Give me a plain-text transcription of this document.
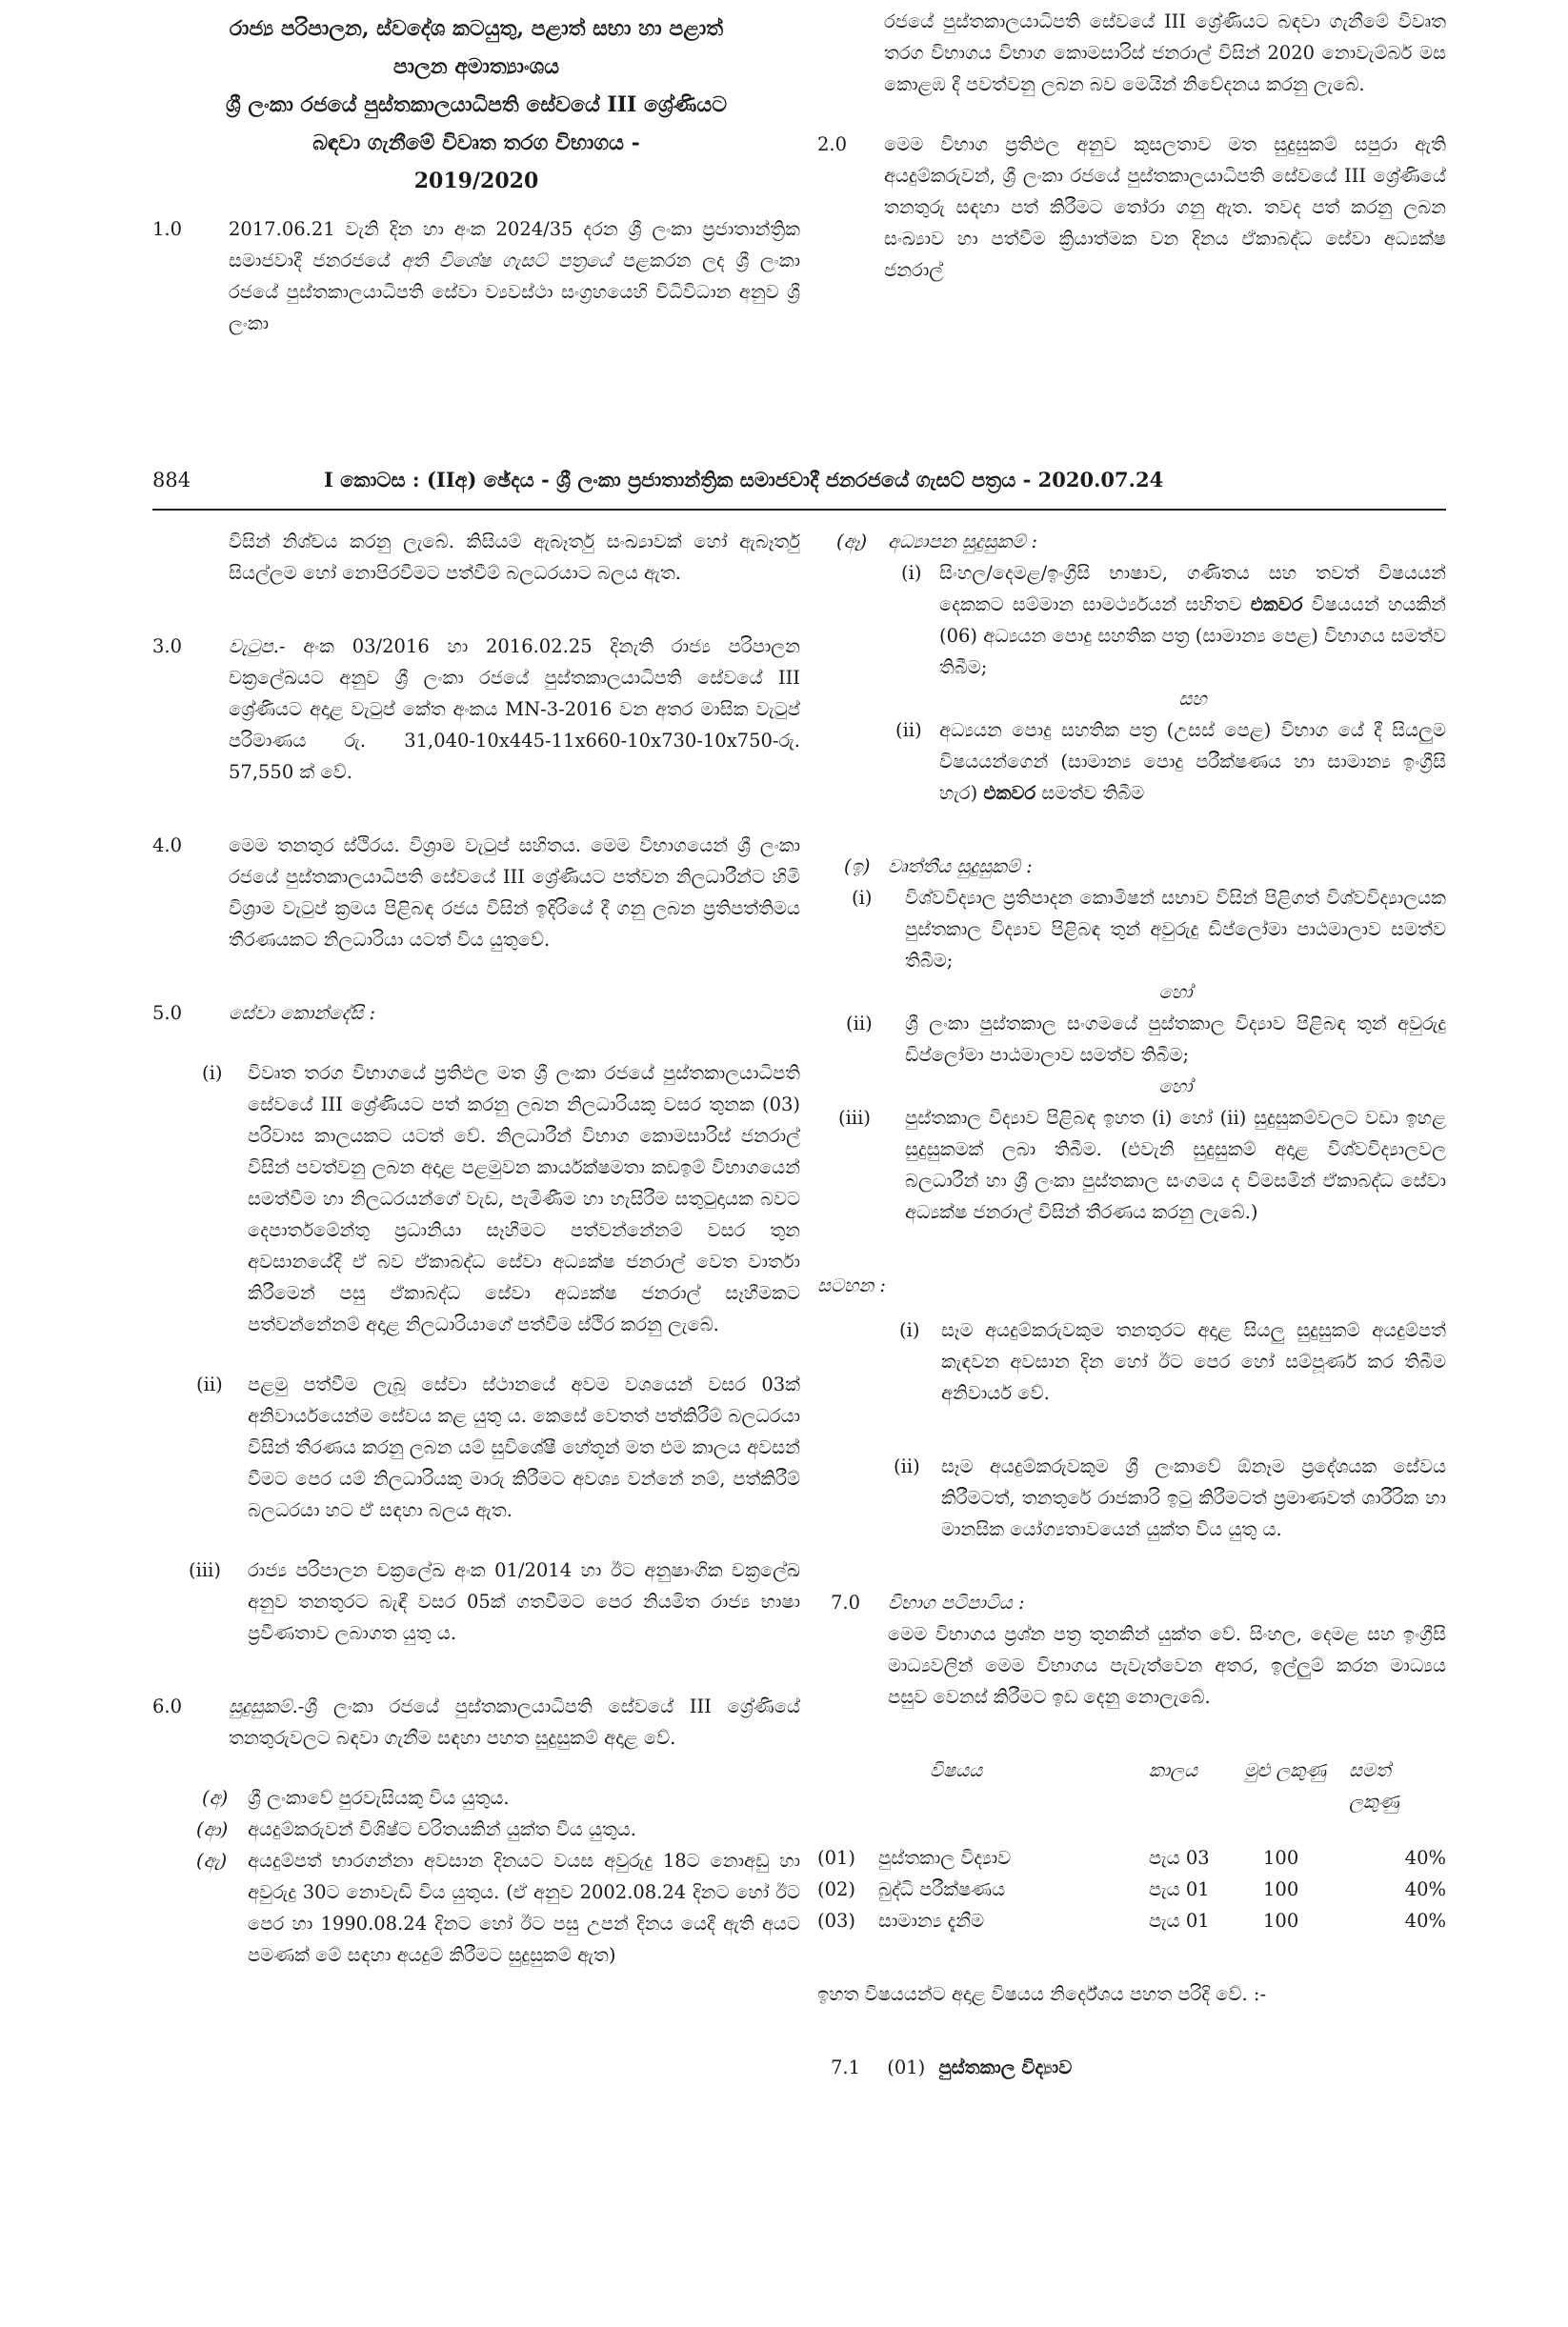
රාජ්‍ය පරිපාලන, ස්වදේශ කටයුතු, පළාත් සභා හා පළාත්

පාලන අමාත්‍යාංශය

ශ්‍රී ලංකා රජයේ පුස්තකාලයාධිපති සේවයේ III ශ්‍රේණියට

බඳවා ගැනීමේ විවෘත තරග විභාගය -

2019/2020

1.0	2017.06.21 වැනි දින හා අංක 2024/35 දරන ශ්‍රී ලංකා ප්‍රජාතාන්ත්‍රික සමාජවාදී ජනරජයේ අති විශේෂ ගැසට් පත්‍රයේ පළකරන ලද ශ්‍රී ලංකා රජයේ පුස්තකාලයාධිපති සේවා ව්‍යවස්ථා සංග්‍රහයෙහි විධිවිධාන අනුව ශ්‍රී ලංකා

රජයේ පුස්තකාලයාධිපති සේවයේ III ශ්‍රේණියට බඳවා ගැනීමේ විවෘත තරග විභාගය විභාග කොමසාරිස් ජනරාල් විසින් 2020 නොවැම්බර් මස කොළඹ දී පවත්වනු ලබන බව මෙයින් නිවේදනය කරනු ලැබේ.

2.0 මෙම විභාග ප්‍රතිඵල අනුව කුසලතාව මත සුදුසුකම් සපුරා ඇති අයදුම්කරුවන්, ශ්‍රී ලංකා රජයේ පුස්තකාලයාධිපති සේවයේ III ශ්‍රේණියේ තනතුරු සඳහා පත් කිරීමට තෝරා ගනු ඇත. තවද පත් කරනු ලබන සංඛ්‍යාව හා පත්වීම ක්‍රියාත්මක වන දිනය ඒකාබද්ධ සේවා අධ්‍යක්ෂ ජනරාල්

884	I කොටස : (IIඅ) ඡේදය - ශ්‍රී ලංකා ප්‍රජාතාන්ත්‍රික සමාජවාදී ජනරජයේ ගැසට් පත්‍රය - 2020.07.24

විසින් නිශ්චය කරනු ලැබේ. කිසියම් ඇබෑර්තු සංඛ්‍යාවක් හෝ ඇබෑර්තු සියල්ලම හෝ නොපිරවීමට පත්වීම් බලධරයාට බලය ඇත.

3.0	වැටුප.- අංක 03/2016 හා 2016.02.25 දිනැති රාජ්‍ය පරිපාලන චක්‍රලේඛයට අනුව ශ්‍රී ලංකා රජයේ පුස්තකාලයාධිපති සේවයේ III ශ්‍රේණියට අදාළ වැටුප් කේත අංකය MN-3-2016 වන අතර මාසික වැටුප් පරිමාණය රු. 31,040-10x445-11x660-10x730-10x750-රු. 57,550 ක් වේ.

4.0	මෙම තනතුර ස්ථිරය. විශ්‍රාම වැටුප් සහිතය. මෙම විභාගයෙන් ශ්‍රී ලංකා රජයේ පුස්තකාලයාධිපති සේවයේ III ශ්‍රේණියට පත්වන නිලධාරීන්ට හිමි විශ්‍රාම වැටුප් ක්‍රමය පිළිබඳ රජය විසින් ඉදිරියේ දී ගනු ලබන ප්‍රතිපත්තිමය තීරණයකට නිලධාරියා යටත් විය යුතුවේ.

5.0	සේවා කොන්දේසි :

(i) විවෘත තරග විභාගයේ ප්‍රතිඵල මත ශ්‍රී ලංකා රජයේ පුස්තකාලයාධිපති සේවයේ III ශ්‍රේණියට පත් කරනු ලබන නිලධාරියකු වසර තුනක (03) පරිවාස කාලයකට යටත් වේ. නිලධාරීන් විභාග කොමසාරිස් ජනරාල් විසින් පවත්වනු ලබන අදාළ පළමුවන කාර්යක්ෂමතා කඩඉම් විභාගයෙන් සමත්වීම හා නිලධරයන්ගේ වැඩ, පැමිණීම හා හැසිරීම සතුටුදායක බවට දෙපාර්තමේන්තු ප්‍රධානියා සෑහීමට පත්වන්නේනම් වසර තුන අවසානයේදී ඒ බව ඒකාබද්ධ සේවා අධ්‍යක්ෂ ජනරාල් වෙත වාර්තා කිරීමෙන් පසු ඒකාබද්ධ සේවා අධ්‍යක්ෂ ජනරාල් සෑහීමකට පත්වන්නේනම් අදාළ නිලධාරියාගේ පත්වීම ස්ථිර කරනු ලැබේ.

(ii) පළමු පත්වීම ලැබූ සේවා ස්ථානයේ අවම වශයෙන් වසර 03ක් අනිවාර්යයෙන්ම සේවය කළ යුතු ය. කෙසේ වෙතත් පත්කිරීම් බලධරයා විසින් තීරණය කරනු ලබන යම් සුවිශේෂී හේතූන් මත එම කාලය අවසන් වීමට පෙර යම් නිලධාරියකු මාරු කිරීමට අවශ්‍ය වන්නේ නම්, පත්කිරීම් බලධරයා හට ඒ සඳහා බලය ඇත.

(iii) රාජ්‍ය පරිපාලන චක්‍රලේඛ අංක 01/2014 හා ඊට අනුෂාංගික චක්‍රලේඛ අනුව තනතුරට බැඳී වසර 05ක් ගතවීමට පෙර නියමිත රාජ්‍ය භාෂා ප්‍රවීණතාව ලබාගත යුතු ය.

6.0	සුදුසුකම්.-ශ්‍රී ලංකා රජයේ පුස්තකාලයාධිපති සේවයේ III ශ්‍රේණියේ තනතුරුවලට බඳවා ගැනීම සඳහා පහත සුදුසුකම් අදාළ වේ.

(අ) ශ්‍රී ලංකාවේ පුරවැසියකු විය යුතුය.

(ආ) අයදුම්කරුවන් විශිෂ්ට චරිතයකින් යුක්ත විය යුතුය.

(ඇ) අයදුම්පත් භාරගන්නා අවසාන දිනයට වයස අවුරුදු 18ට නොඅඩු හා අවුරුදු 30ට නොවැඩි විය යුතුය. (ඒ අනුව 2002.08.24 දිනට හෝ ඊට පෙර හා 1990.08.24 දිනට හෝ ඊට පසු උපන් දිනය යෙදී ඇති අයට පමණක් මේ සඳහා අයදුම් කිරීමට සුදුසුකම් ඇත)

(ඈ) අධ්‍යාපන සුදුසුකම් :

(i) සිංහල/දෙමළ/ඉංග්‍රීසි භාෂාව, ගණිතය සහ තවත් විෂයයන් දෙකකට සම්මාන සාමර්ථ්‍යයන් සහිතව එකවර විෂයයන් හයකින් (06) අධ්‍යයන පොදු සහතික පත්‍ර (සාමාන්‍ය පෙළ) විභාගය සමත්ව තිබීම;

සහ

(ii) අධ්‍යයන පොදු සහතික පත්‍ර (උසස් පෙළ) විභාග යේ දී සියලුම විෂයයන්ගෙන් (සාමාන්‍ය පොදු පරීක්ෂණය හා සාමාන්‍ය ඉංග්‍රීසි හැර) එකවර සමත්ව තිබීම

(ඉ) වෘත්තීය සුදුසුකම් :

(i) විශ්වවිද්‍යාල ප්‍රතිපාදන කොමිෂන් සභාව විසින් පිළිගත් විශ්වවිද්‍යාලයක පුස්තකාල විද්‍යාව පිළිබඳ තුන් අවුරුදු ඩිප්ලෝමා පාඨමාලාව සමත්ව තිබීම;

හෝ

(ii) ශ්‍රී ලංකා පුස්තකාල සංගමයේ පුස්තකාල විද්‍යාව පිළිබඳ තුන් අවුරුදු ඩිප්ලෝමා පාඨමාලාව සමත්ව තිබීම;

හෝ

(iii) පුස්තකාල විද්‍යාව පිළිබඳ ඉහත (i) හෝ (ii) සුදුසුකම්වලට වඩා ඉහළ සුදුසුකමක් ලබා තිබීම. (එවැනි සුදුසුකම් අදාළ විශ්වවිද්‍යාලවල බලධාරීන් හා ශ්‍රී ලංකා පුස්තකාල සංගමය ද විමසමින් ඒකාබද්ධ සේවා අධ්‍යක්ෂ ජනරාල් විසින් තීරණය කරනු ලැබේ.)

සටහන :

(i) සෑම අයදුම්කරුවකුම තනතුරට අදාළ සියලු සුදුසුකම් අයදුම්පත් කැඳවන අවසාන දින හෝ ඊට පෙර හෝ සම්පූර්ණ කර තිබීම අනිවාර්ය වේ.

(ii) සෑම අයදුම්කරුවකුම ශ්‍රී ලංකාවේ ඕනෑම ප්‍රදේශයක සේවය කිරීමටත්, තනතුරේ රාජකාරි ඉටු කිරීමටත් ප්‍රමාණවත් ශාරීරික හා මානසික යෝග්‍යතාවයෙන් යුක්ත විය යුතු ය.

7.0 විභාග පටිපාටිය :

මෙම විභාගය ප්‍රශ්න පත්‍ර තුනකින් යුක්ත වේ. සිංහල, දෙමළ සහ ඉංග්‍රීසි මාධ්‍යවලින් මෙම විභාගය පැවැත්වෙන අතර, ඉල්ලුම් කරන මාධ්‍යය පසුව වෙනස් කිරීමට ඉඩ දෙනු නොලැබේ.

	විෂයය	කාලය	මුළු ලකුණු	සමත් ලකුණු
(01)	පුස්තකාල විද්‍යාව	පැය 03	100	40%
(02)	බුද්ධි පරීක්ෂණය	පැය 01	100	40%
(03)	සාමාන්‍ය දැනීම	පැය 01	100	40%

ඉහත විෂයයන්ට අදාළ විෂයය නිර්දේශය පහත පරිදි වේ. :-

7.1 (01) පුස්තකාල විද්‍යාව
